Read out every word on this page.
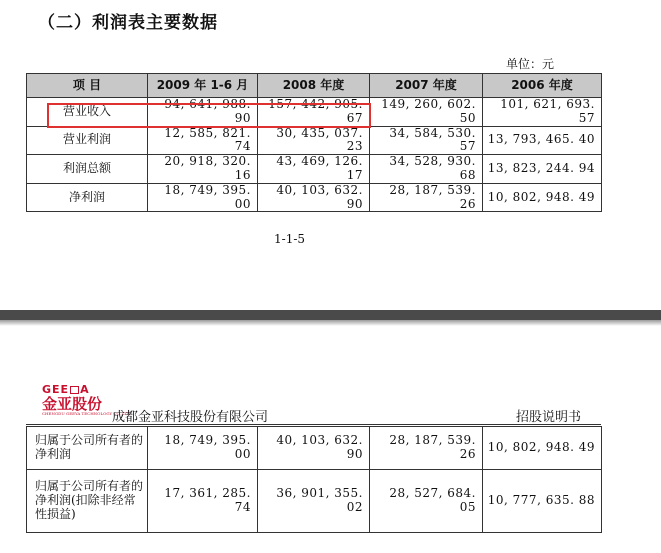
（二）利润表主要数据
单位：元
项 目	2009 年 1-6 月	2008 年度	2007 年度	2006 年度
营业收入	94, 641, 988. 90	157, 442, 905. 67	149, 260, 602. 50	101, 621, 693. 57
营业利润	12, 585, 821. 74	30, 435, 037. 23	34, 584, 530. 57	13, 793, 465. 40
利润总额	20, 918, 320. 16	43, 469, 126. 17	34, 528, 930. 68	13, 823, 244. 94
净利润	18, 749, 395. 00	40, 103, 632. 90	28, 187, 539. 26	10, 802, 948. 49
1-1-5
GEE A
金亚股份
CHENGDU GEEYA TECHNOLOGY CO.,LTD
成都金亚科技股份有限公司	招股说明书
归属于公司所有者的净利润	18, 749, 395. 00	40, 103, 632. 90	28, 187, 539. 26	10, 802, 948. 49
归属于公司所有者的净利润(扣除非经常性损益)	17, 361, 285. 74	36, 901, 355. 02	28, 527, 684. 05	10, 777, 635. 88
